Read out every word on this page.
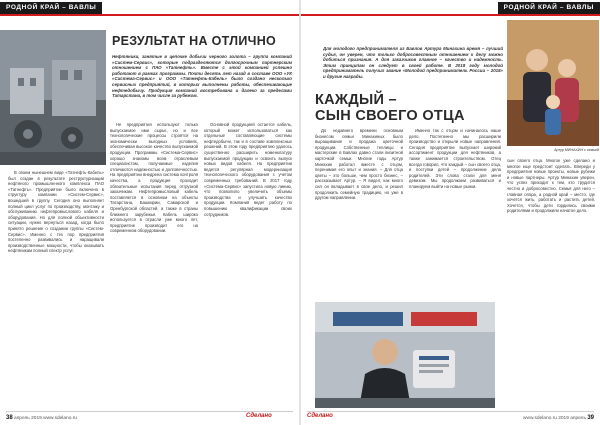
РОДНОЙ КРАЙ – ВАВЛЫ
РЕЗУЛЬТАТ НА ОТЛИЧНО
Нефтяники, занятые в цепочке добычи черного золота – группа компаний «Систем-Сервис», которые подразделяются долгосрочным партнерским отношением с ПАО «Татнефть». Вместе с этой компанией успешно работают в рамках программы. Почти десять лет назад в составе ООО «УК «Система-Сервис» и ООО «Татнефть-Кабель» было создано несколько сервисных предприятий, в которых выполнены работы, обеспечивающие нефтедобычу. Продукция компаний востребована и далеко за пределами Татарстана, в том числе за рубежом.
В своем нынешнем виде «Татнефть-Кабель» был создан в результате реструктуризации нефтяного промышленного комплекса ПАО «Татнефть». Предприятие было включено в структуру компании «Систем-Сервис», вошедшей в группу. Сегодня оно выполняет полный цикл услуг по производству, монтажу и обслуживанию нефтепромыслового кабеля и оборудования. Но для полной объективности ситуации, нужно вернуться назад, когда было принято решение о создании группы «Систем-Сервис». Именно с тех пор предприятия постепенно развивались и наращивали производственные мощности, чтобы оказывать нефтяникам полный спектр услуг.
Не предприятия используют только выпускаемое ими сырье, но и все технологические процессы строятся на экономически выгодных условиях, обеспечивая высокое качество выпускаемой продукции. Программы «Система-Сервис» хорошо знакомы всем отраслевым специалистам, получаемые изделия отличаются надежностью и долговечностью. На предприятии внедрена система контроля качества, а продукция проходит обязательные испытания перед отгрузкой заказчикам. Нефтепромысловый кабель поставляется в основном на объекты Татарстана, Башкирии, Самарской и Оренбургской областей, а также в страны ближнего зарубежья. Кабель широко используется в отрасли уже много лет, предприятие производит его на современном оборудовании.
Основной продукцией остается кабель, который может использоваться как отдельные составляющие системы нефтедобычи, так и в составе комплексных решений. В этом году предприятию удалось существенно расширить номенклатуру выпускаемой продукции и освоить выпуск новых видов кабеля. На предприятии ведется регулярная модернизация технологического оборудования с учетом современных требований. В 2017 году «Система-Сервис» запустила новую линию, что позволило увеличить объемы производства и улучшить качество продукции. Компания ведет работу по повышению квалификации своих сотрудников.
38 апрель 2019 www.sdelano.ru	Сделано
РОДНОЙ КРАЙ – ВАВЛЫ
Для молодого предпринимателя из Бавлов Артура Минахина время – лучший судья, он уверен, что только добросовестным отношением к делу можно добиться признания. А для заказчиков главное – качество и надежность. Этим принципам он следует в своей работе. В 2018 году молодой предприниматель получил звание «Молодой предприниматель России – 2018» и другие награды.
КАЖДЫЙ –
СЫН СВОЕГО ОТЦА
Артур МИНАХИН с семьей
До недавнего времени основным бизнесом семьи Минахиных было выращивание и продажа цветочной продукции. Собственные теплицы и мастерские в Бавлах давно стали визитной карточкой семьи. Многие годы Артур Минахин работал вместе с отцом, перенимая его опыт и знания. – Для отца цветы – это больше, чем просто бизнес, – рассказывает Артур. – Я видел, как много сил он вкладывает в свое дело, и решил продолжить семейную традицию, но уже в другом направлении.
Именно так с отцом и начиналось наше дело. Постепенно мы расширили производство и открыли новые направления. Сегодня предприятие выпускает широкий ассортимент продукции для нефтяников, а также занимается строительством. Отец всегда говорил, что каждый – сын своего отца, и поступки детей – продолжение дела родителей. Эти слова стали для меня девизом. Мы продолжаем развиваться и планируем выйти на новые рынки.
сын своего отца. Многое уже сделано и многое еще предстоит сделать. Впереди у предприятия новые проекты, новые рубежи и новые партнеры. Артур Минахин уверен, что успех приходит к тем, кто трудится честно и добросовестно. Семья для него – главная опора, а родной край – место, где хочется жить, работать и растить детей. Хочется, чтобы дети гордились своими родителями и продолжили начатое дело.
Сделано	www.sdelano.ru 2019 апрель 39
